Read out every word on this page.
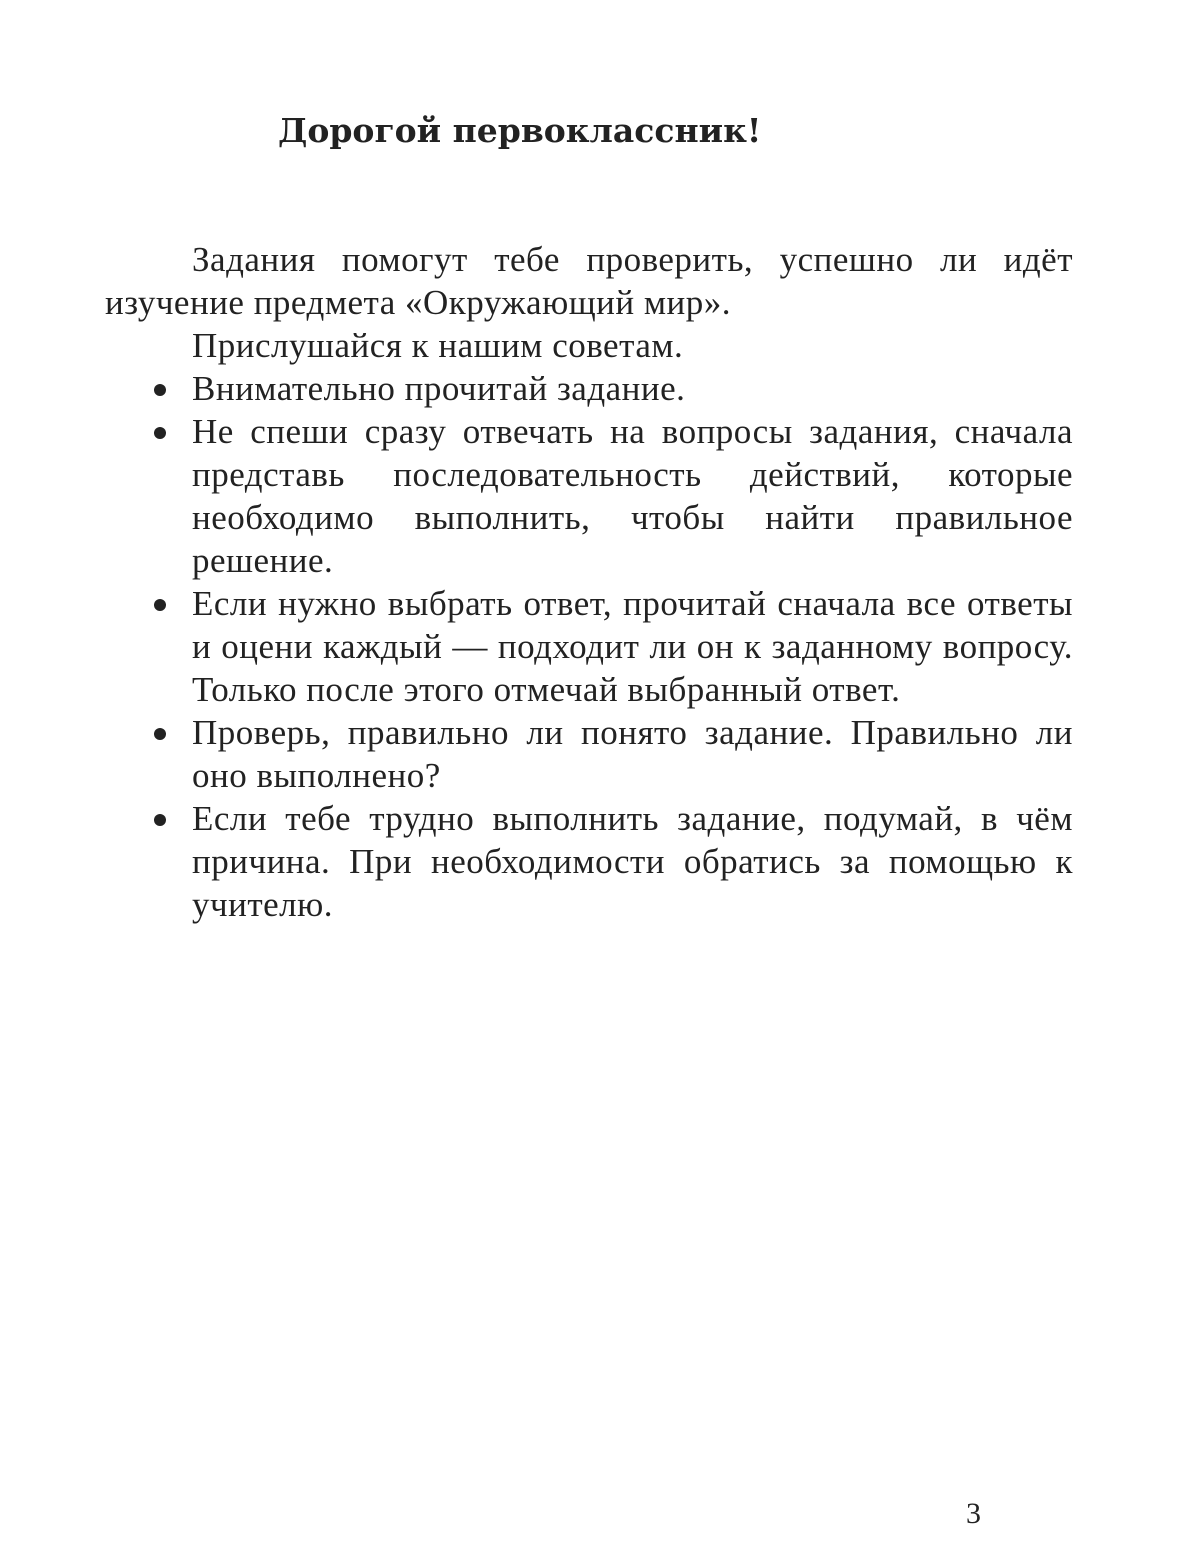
Дорогой первоклассник!

Задания помогут тебе проверить, успешно ли идёт изучение предмета «Окружающий мир».

Прислушайся к нашим советам.

Внимательно прочитай задание.
Не спеши сразу отвечать на вопросы задания, сначала представь последовательность действий, которые необходимо выполнить, чтобы найти правильное решение.
Если нужно выбрать ответ, прочитай сначала все ответы и оцени каждый — подходит ли он к заданному вопросу. Только после этого отмечай выбранный ответ.
Проверь, правильно ли понято задание. Правильно ли оно выполнено?
Если тебе трудно выполнить задание, подумай, в чём причина. При необходимости обратись за помощью к учителю.
3
